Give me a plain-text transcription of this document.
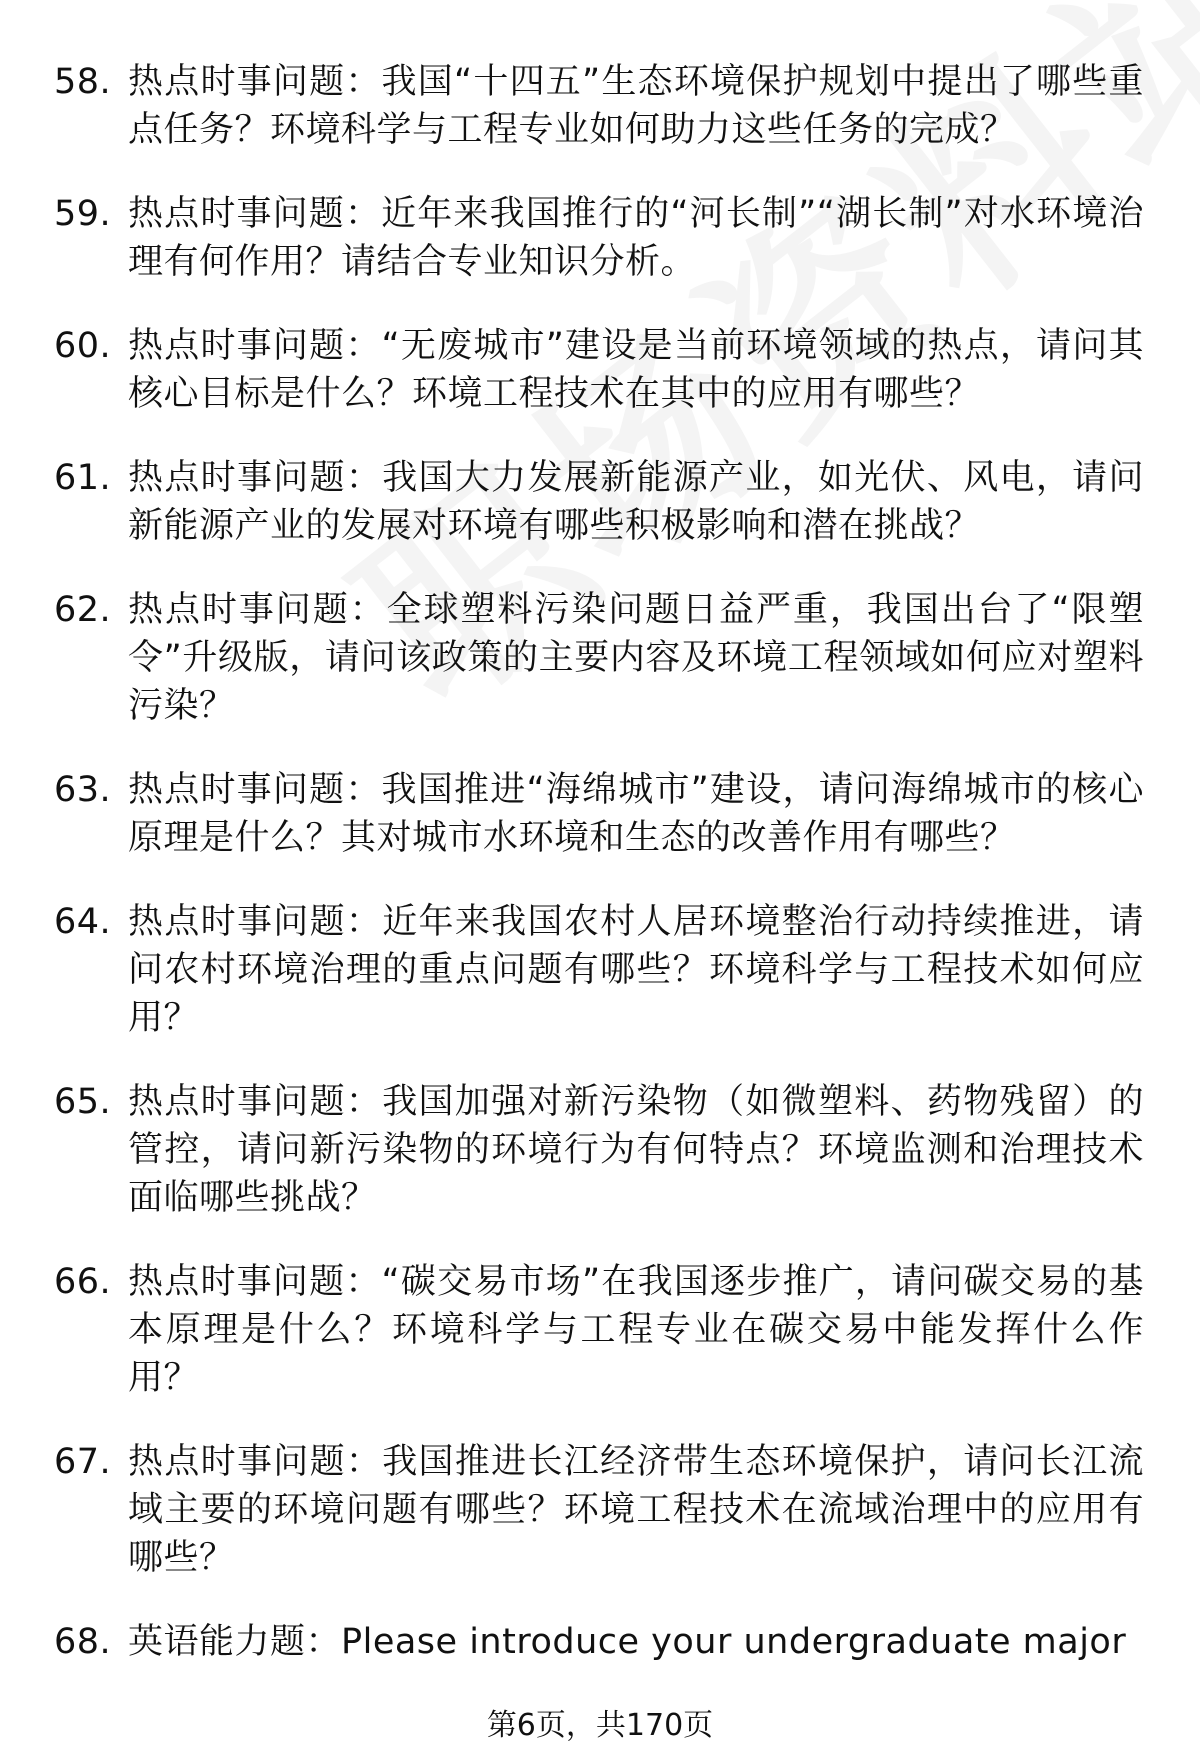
58. 热点时事问题：我国“十四五”生态环境保护规划中提出了哪些重点任务？环境科学与工程专业如何助力这些任务的完成？
59. 热点时事问题：近年来我国推行的“河长制”“湖长制”对水环境治理有何作用？请结合专业知识分析。
60. 热点时事问题：“无废城市”建设是当前环境领域的热点，请问其核心目标是什么？环境工程技术在其中的应用有哪些？
61. 热点时事问题：我国大力发展新能源产业，如光伏、风电，请问新能源产业的发展对环境有哪些积极影响和潜在挑战？
62. 热点时事问题：全球塑料污染问题日益严重，我国出台了“限塑令”升级版，请问该政策的主要内容及环境工程领域如何应对塑料污染？
63. 热点时事问题：我国推进“海绵城市”建设，请问海绵城市的核心原理是什么？其对城市水环境和生态的改善作用有哪些？
64. 热点时事问题：近年来我国农村人居环境整治行动持续推进，请问农村环境治理的重点问题有哪些？环境科学与工程技术如何应用？
65. 热点时事问题：我国加强对新污染物（如微塑料、药物残留）的管控，请问新污染物的环境行为有何特点？环境监测和治理技术面临哪些挑战？
66. 热点时事问题：“碳交易市场”在我国逐步推广，请问碳交易的基本原理是什么？环境科学与工程专业在碳交易中能发挥什么作用？
67. 热点时事问题：我国推进长江经济带生态环境保护，请问长江流域主要的环境问题有哪些？环境工程技术在流域治理中的应用有哪些？
68. 英语能力题：Please introduce your undergraduate major
第6页，共170页
